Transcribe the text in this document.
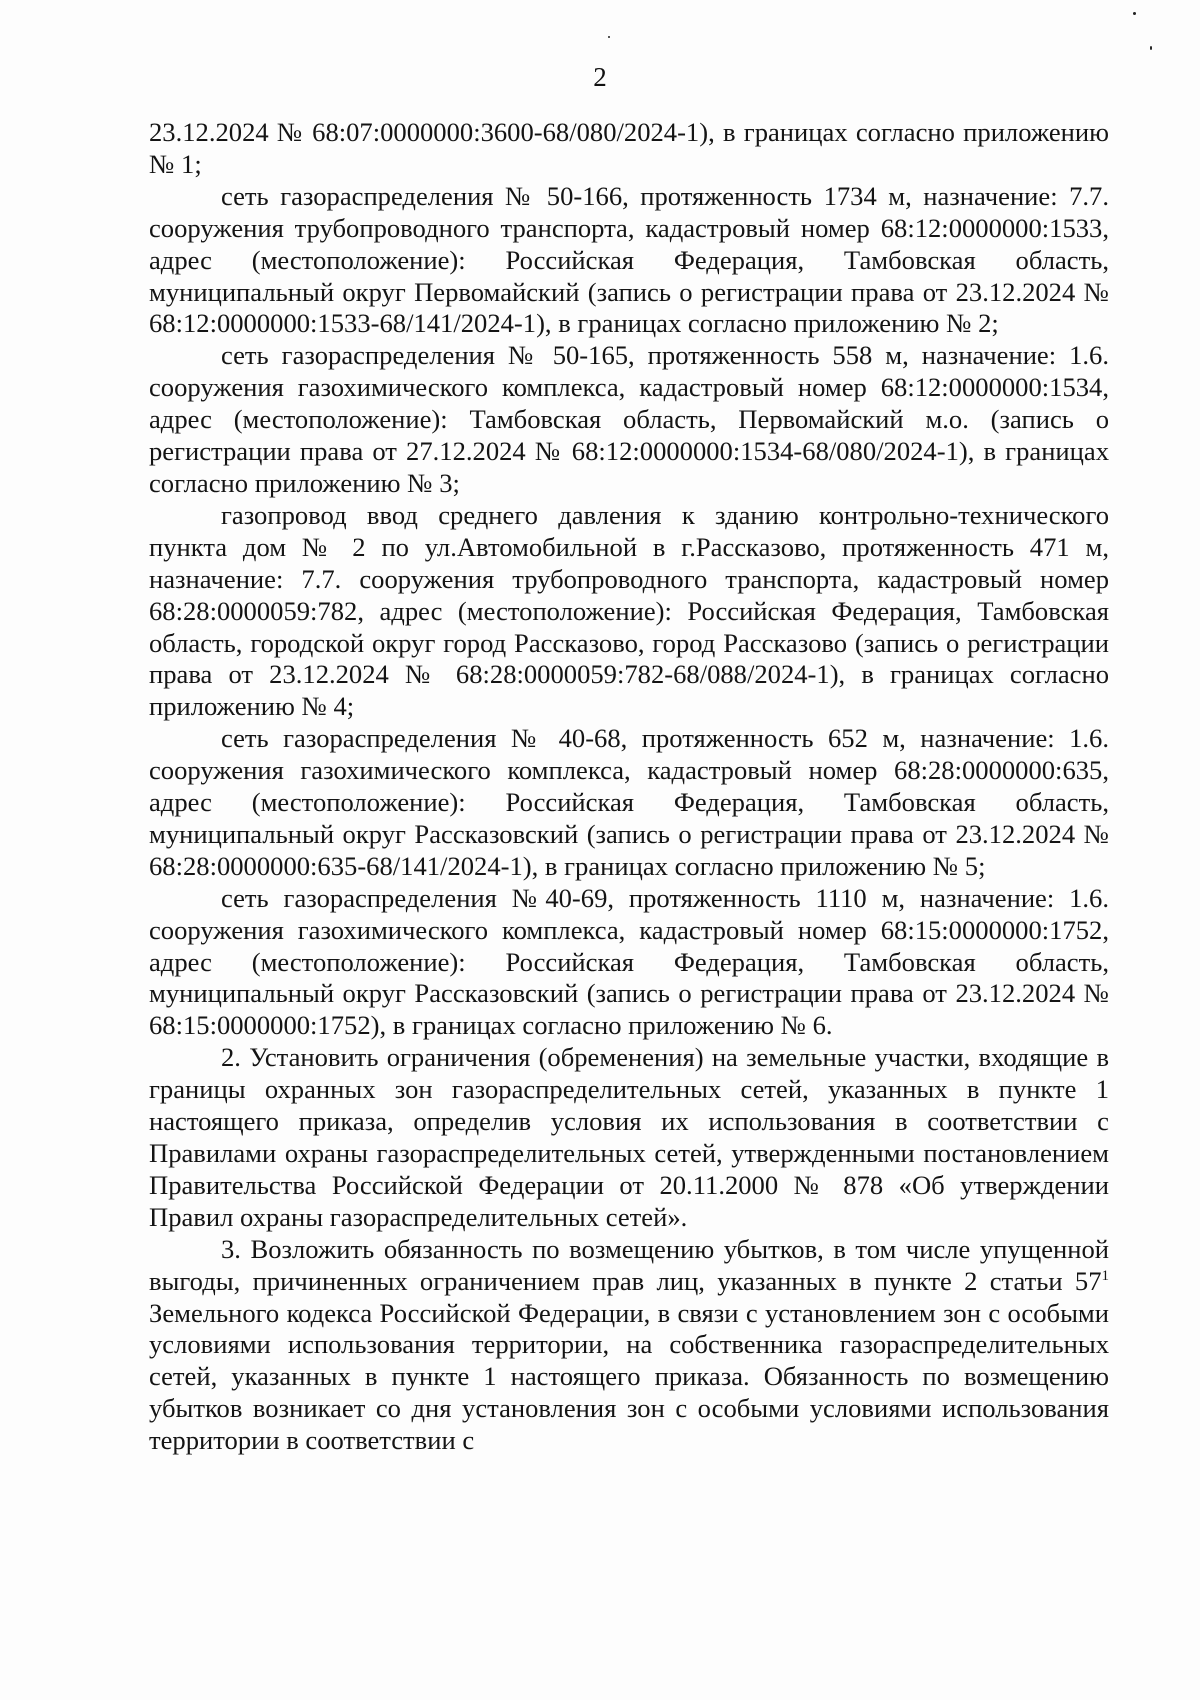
2

23.12.2024 № 68:07:0000000:3600-68/080/2024-1), в границах согласно приложению № 1;

сеть газораспределения № 50-166, протяженность 1734 м, назначение: 7.7. сооружения трубопроводного транспорта, кадастровый номер 68:12:0000000:1533, адрес (местоположение): Российская Федерация, Тамбовская область, муниципальный округ Первомайский (запись о регистрации права от 23.12.2024 № 68:12:0000000:1533-68/141/2024-1), в границах согласно приложению № 2;

сеть газораспределения № 50-165, протяженность 558 м, назначение: 1.6. сооружения газохимического комплекса, кадастровый номер 68:12:0000000:1534, адрес (местоположение): Тамбовская область, Первомайский м.о. (запись о регистрации права от 27.12.2024 № 68:12:0000000:1534-68/080/2024-1), в границах согласно приложению № 3;

газопровод ввод среднего давления к зданию контрольно-технического пункта дом № 2 по ул.Автомобильной в г.Рассказово, протяженность 471 м, назначение: 7.7. сооружения трубопроводного транспорта, кадастровый номер 68:28:0000059:782, адрес (местоположение): Российская Федерация, Тамбовская область, городской округ город Рассказово, город Рассказово (запись о регистрации права от 23.12.2024 № 68:28:0000059:782-68/088/2024-1), в границах согласно приложению № 4;

сеть газораспределения № 40-68, протяженность 652 м, назначение: 1.6. сооружения газохимического комплекса, кадастровый номер 68:28:0000000:635, адрес (местоположение): Российская Федерация, Тамбовская область, муниципальный округ Рассказовский (запись о регистрации права от 23.12.2024 № 68:28:0000000:635-68/141/2024-1), в границах согласно приложению № 5;

сеть газораспределения №40-69, протяженность 1110 м, назначение: 1.6. сооружения газохимического комплекса, кадастровый номер 68:15:0000000:1752, адрес (местоположение): Российская Федерация, Тамбовская область, муниципальный округ Рассказовский (запись о регистрации права от 23.12.2024 № 68:15:0000000:1752), в границах согласно приложению № 6.

2. Установить ограничения (обременения) на земельные участки, входящие в границы охранных зон газораспределительных сетей, указанных в пункте 1 настоящего приказа, определив условия их использования в соответствии с Правилами охраны газораспределительных сетей, утвержденными постановлением Правительства Российской Федерации от 20.11.2000 № 878 «Об утверждении Правил охраны газораспределительных сетей».

3. Возложить обязанность по возмещению убытков, в том числе упущенной выгоды, причиненных ограничением прав лиц, указанных в пункте 2 статьи $57^1$ Земельного кодекса Российской Федерации, в связи с установлением зон с особыми условиями использования территории, на собственника газораспределительных сетей, указанных в пункте 1 настоящего приказа. Обязанность по возмещению убытков возникает со дня установления зон с особыми условиями использования территории в соответствии с
